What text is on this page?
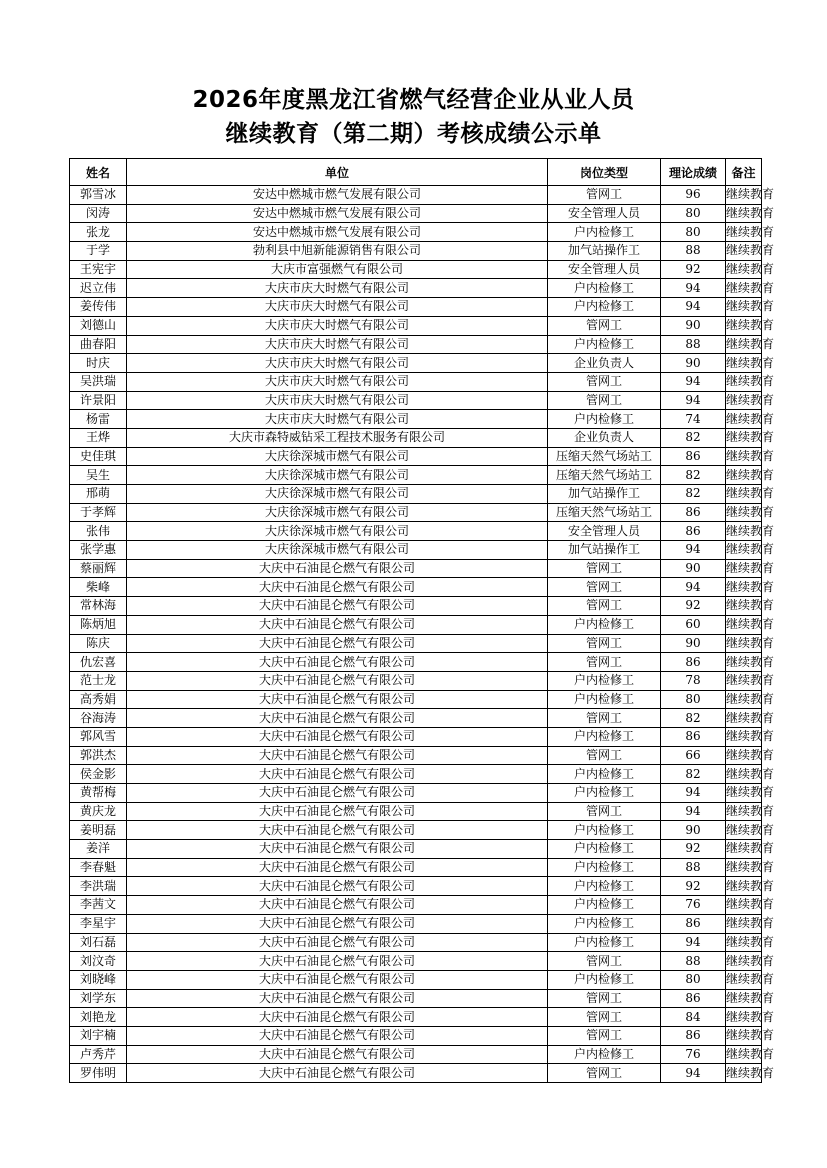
2026年度黑龙江省燃气经营企业从业人员
继续教育（第二期）考核成绩公示单
姓名	单位	岗位类型	理论成绩	备注
郭雪冰	安达中燃城市燃气发展有限公司	管网工	96	继续教育
闵涛	安达中燃城市燃气发展有限公司	安全管理人员	80	继续教育
张龙	安达中燃城市燃气发展有限公司	户内检修工	80	继续教育
于学	勃利县中旭新能源销售有限公司	加气站操作工	88	继续教育
王宪宇	大庆市富强燃气有限公司	安全管理人员	92	继续教育
迟立伟	大庆市庆大时燃气有限公司	户内检修工	94	继续教育
姜传伟	大庆市庆大时燃气有限公司	户内检修工	94	继续教育
刘德山	大庆市庆大时燃气有限公司	管网工	90	继续教育
曲春阳	大庆市庆大时燃气有限公司	户内检修工	88	继续教育
时庆	大庆市庆大时燃气有限公司	企业负责人	90	继续教育
吴洪瑞	大庆市庆大时燃气有限公司	管网工	94	继续教育
许景阳	大庆市庆大时燃气有限公司	管网工	94	继续教育
杨雷	大庆市庆大时燃气有限公司	户内检修工	74	继续教育
王烨	大庆市森特威钻采工程技术服务有限公司	企业负责人	82	继续教育
史佳琪	大庆徐深城市燃气有限公司	压缩天然气场站工	86	继续教育
吴生	大庆徐深城市燃气有限公司	压缩天然气场站工	82	继续教育
邢萌	大庆徐深城市燃气有限公司	加气站操作工	82	继续教育
于孝辉	大庆徐深城市燃气有限公司	压缩天然气场站工	86	继续教育
张伟	大庆徐深城市燃气有限公司	安全管理人员	86	继续教育
张学惠	大庆徐深城市燃气有限公司	加气站操作工	94	继续教育
蔡丽辉	大庆中石油昆仑燃气有限公司	管网工	90	继续教育
柴峰	大庆中石油昆仑燃气有限公司	管网工	94	继续教育
常林海	大庆中石油昆仑燃气有限公司	管网工	92	继续教育
陈炳旭	大庆中石油昆仑燃气有限公司	户内检修工	60	继续教育
陈庆	大庆中石油昆仑燃气有限公司	管网工	90	继续教育
仇宏喜	大庆中石油昆仑燃气有限公司	管网工	86	继续教育
范士龙	大庆中石油昆仑燃气有限公司	户内检修工	78	继续教育
高秀娟	大庆中石油昆仑燃气有限公司	户内检修工	80	继续教育
谷海涛	大庆中石油昆仑燃气有限公司	管网工	82	继续教育
郭风雪	大庆中石油昆仑燃气有限公司	户内检修工	86	继续教育
郭洪杰	大庆中石油昆仑燃气有限公司	管网工	66	继续教育
侯金影	大庆中石油昆仑燃气有限公司	户内检修工	82	继续教育
黄帮梅	大庆中石油昆仑燃气有限公司	户内检修工	94	继续教育
黄庆龙	大庆中石油昆仑燃气有限公司	管网工	94	继续教育
姜明磊	大庆中石油昆仑燃气有限公司	户内检修工	90	继续教育
姜洋	大庆中石油昆仑燃气有限公司	户内检修工	92	继续教育
李春魁	大庆中石油昆仑燃气有限公司	户内检修工	88	继续教育
李洪瑞	大庆中石油昆仑燃气有限公司	户内检修工	92	继续教育
李茜文	大庆中石油昆仑燃气有限公司	户内检修工	76	继续教育
李星宇	大庆中石油昆仑燃气有限公司	户内检修工	86	继续教育
刘石磊	大庆中石油昆仑燃气有限公司	户内检修工	94	继续教育
刘汶奇	大庆中石油昆仑燃气有限公司	管网工	88	继续教育
刘晓峰	大庆中石油昆仑燃气有限公司	户内检修工	80	继续教育
刘学东	大庆中石油昆仑燃气有限公司	管网工	86	继续教育
刘艳龙	大庆中石油昆仑燃气有限公司	管网工	84	继续教育
刘宇楠	大庆中石油昆仑燃气有限公司	管网工	86	继续教育
卢秀芹	大庆中石油昆仑燃气有限公司	户内检修工	76	继续教育
罗伟明	大庆中石油昆仑燃气有限公司	管网工	94	继续教育
